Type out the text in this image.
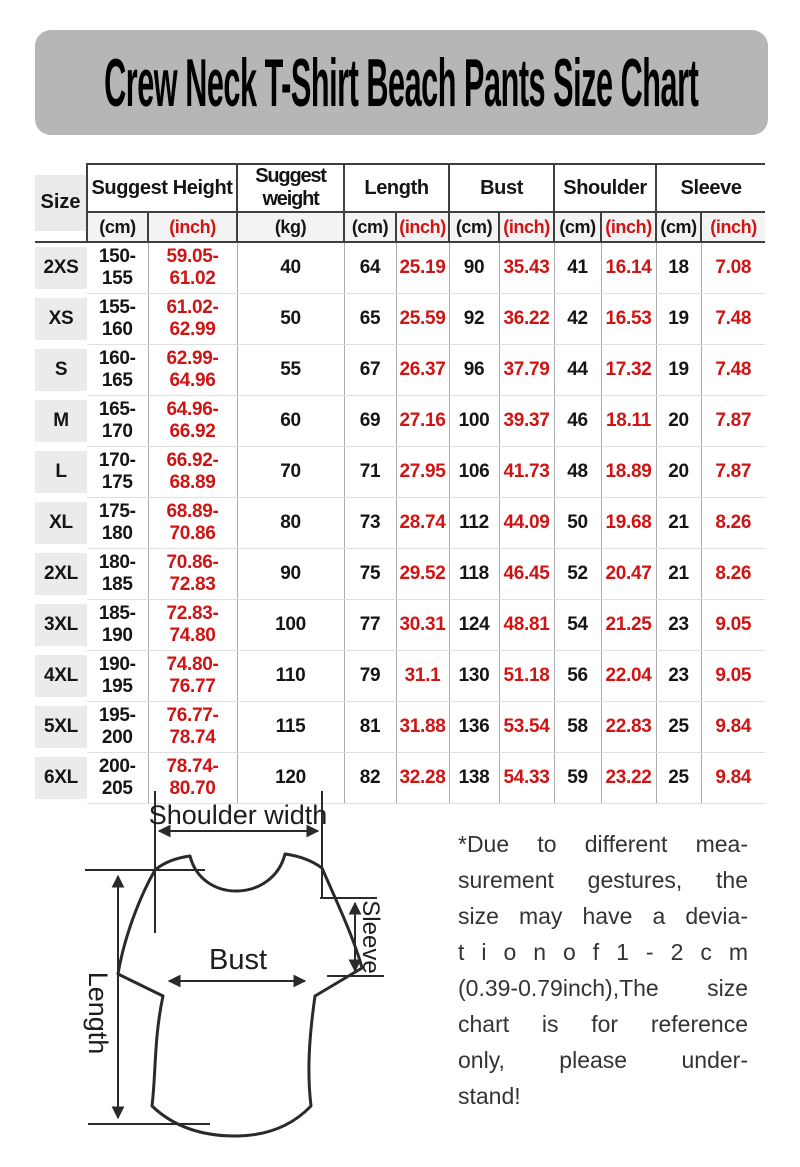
Crew Neck T-Shirt Beach Pants Size Chart
Size	Suggest Height		Suggest weight	Length		Bust		Shoulder		Sleeve	
	(cm)	(inch)	(kg)	(cm)	(inch)	(cm)	(inch)	(cm)	(inch)	(cm)	(inch)

2XS	150-155	59.05-61.02	40	64	25.19	90	35.43	41	16.14	18	7.08

XS	155-160	61.02-62.99	50	65	25.59	92	36.22	42	16.53	19	7.48

S	160-165	62.99-64.96	55	67	26.37	96	37.79	44	17.32	19	7.48

M	165-170	64.96-66.92	60	69	27.16	100	39.37	46	18.11	20	7.87

L	170-175	66.92-68.89	70	71	27.95	106	41.73	48	18.89	20	7.87

XL	175-180	68.89-70.86	80	73	28.74	112	44.09	50	19.68	21	8.26

2XL	180-185	70.86-72.83	90	75	29.52	118	46.45	52	20.47	21	8.26

3XL	185-190	72.83-74.80	100	77	30.31	124	48.81	54	21.25	23	9.05

4XL	190-195	74.80-76.77	110	79	31.1	130	51.18	56	22.04	23	9.05

5XL	195-200	76.77-78.74	115	81	31.88	136	53.54	58	22.83	25	9.84

6XL	200-205	78.74-80.70	120	82	32.28	138	54.33	59	23.22	25	9.84
Shoulder width
Bust
Length
Sleeve
*Due to different mea-
surement gestures, the
size may have a devia-
t i o n o f 1 - 2 c m
(0.39-0.79inch),The size
chart is for reference
only, please under-
stand!
